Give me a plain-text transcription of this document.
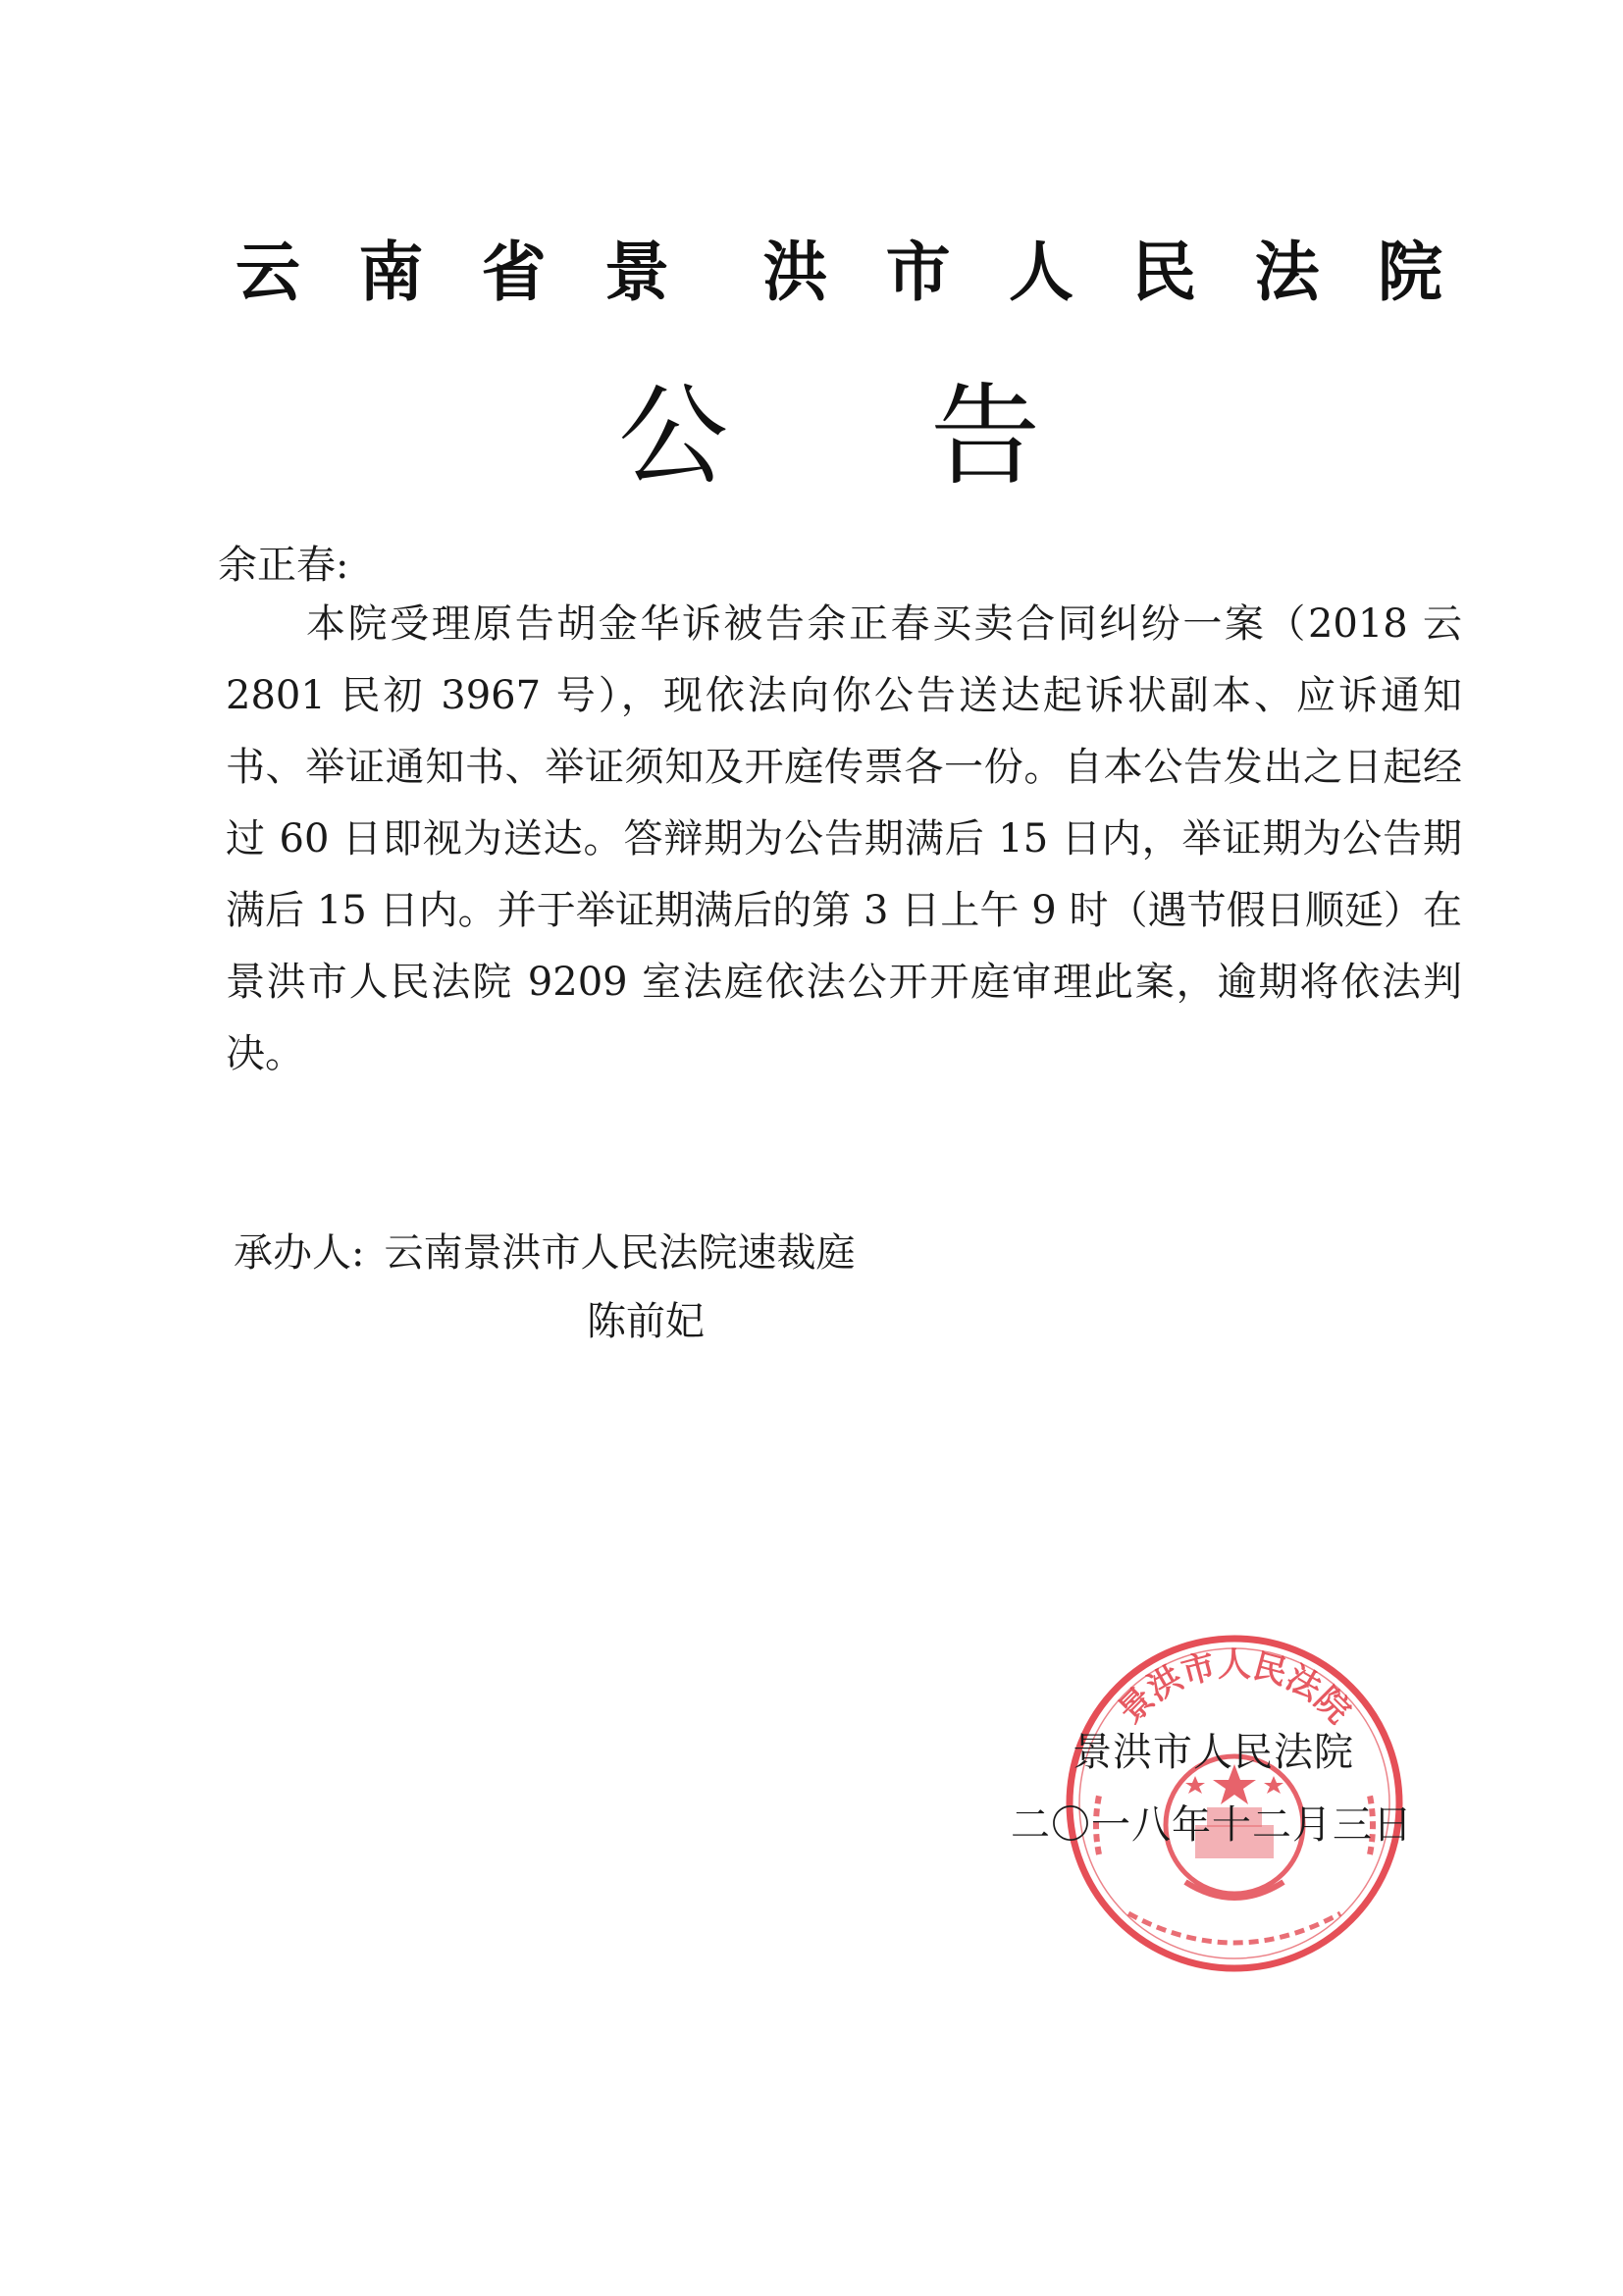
云 南 省 景 洪 市 人 民 法 院
公 告
余正春:
本院受理原告胡金华诉被告余正春买卖合同纠纷一案（2018 云 2801 民初 3967 号），现依法向你公告送达起诉状副本、应诉通知书、举证通知书、举证须知及开庭传票各一份。自本公告发出之日起经过 60 日即视为送达。答辩期为公告期满后 15 日内，举证期为公告期满后 15 日内。并于举证期满后的第 3 日上午 9 时（遇节假日顺延）在景洪市人民法院 9209 室法庭依法公开开庭审理此案，逾期将依法判决。
承办人: 云南景洪市人民法院速裁庭
陈前妃
景洪市人民法院
景洪市人民法院
二〇一八年十二月三日
